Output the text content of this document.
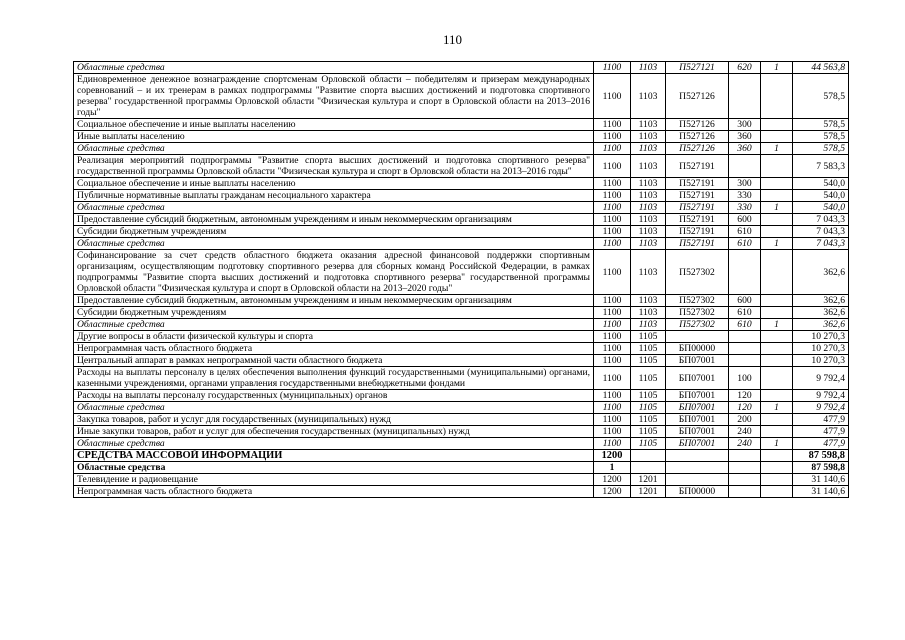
110
Областные средства	1100	1103	П527121	620	1	44 563,8
Единовременное денежное вознаграждение спортсменам Орловской области – победителям и призерам международных соревнований – и их тренерам в рамках подпрограммы "Развитие спорта высших достижений и подготовка спортивного резерва" государственной программы Орловской области "Физическая культура и спорт в Орловской области на 2013–2016 годы"	1100	1103	П527126			578,5
Социальное обеспечение и иные выплаты населению	1100	1103	П527126	300		578,5
Иные выплаты населению	1100	1103	П527126	360		578,5
Областные средства	1100	1103	П527126	360	1	578,5
Реализация мероприятий подпрограммы "Развитие спорта высших достижений и подготовка спортивного резерва" государственной программы Орловской области "Физическая культура и спорт в Орловской области на 2013–2016 годы"	1100	1103	П527191			7 583,3
Социальное обеспечение и иные выплаты населению	1100	1103	П527191	300		540,0
Публичные нормативные выплаты гражданам несоциального характера	1100	1103	П527191	330		540,0
Областные средства	1100	1103	П527191	330	1	540,0
Предоставление субсидий бюджетным, автономным учреждениям и иным некоммерческим организациям	1100	1103	П527191	600		7 043,3
Субсидии бюджетным учреждениям	1100	1103	П527191	610		7 043,3
Областные средства	1100	1103	П527191	610	1	7 043,3
Софинансирование за счет средств областного бюджета оказания адресной финансовой поддержки спортивным организациям, осуществляющим подготовку спортивного резерва для сборных команд Российской Федерации, в рамках подпрограммы "Развитие спорта высших достижений и подготовка спортивного резерва" государственной программы Орловской области "Физическая культура и спорт в Орловской области на 2013–2020 годы"	1100	1103	П527302			362,6
Предоставление субсидий бюджетным, автономным учреждениям и иным некоммерческим организациям	1100	1103	П527302	600		362,6
Субсидии бюджетным учреждениям	1100	1103	П527302	610		362,6
Областные средства	1100	1103	П527302	610	1	362,6
Другие вопросы в области физической культуры и спорта	1100	1105				10 270,3
Непрограммная часть областного бюджета	1100	1105	БП00000			10 270,3
Центральный аппарат в рамках непрограммной части областного бюджета	1100	1105	БП07001			10 270,3
Расходы на выплаты персоналу в целях обеспечения выполнения функций государственными (муниципальными) органами, казенными учреждениями, органами управления государственными внебюджетными фондами	1100	1105	БП07001	100		9 792,4
Расходы на выплаты персоналу государственных (муниципальных) органов	1100	1105	БП07001	120		9 792,4
Областные средства	1100	1105	БП07001	120	1	9 792,4
Закупка товаров, работ и услуг для государственных (муниципальных) нужд	1100	1105	БП07001	200		477,9
Иные закупки товаров, работ и услуг для обеспечения государственных (муниципальных) нужд	1100	1105	БП07001	240		477,9
Областные средства	1100	1105	БП07001	240	1	477,9
СРЕДСТВА МАССОВОЙ ИНФОРМАЦИИ	1200					87 598,8
Областные средства	1					87 598,8
Телевидение и радиовещание	1200	1201				31 140,6
Непрограммная часть областного бюджета	1200	1201	БП00000			31 140,6
